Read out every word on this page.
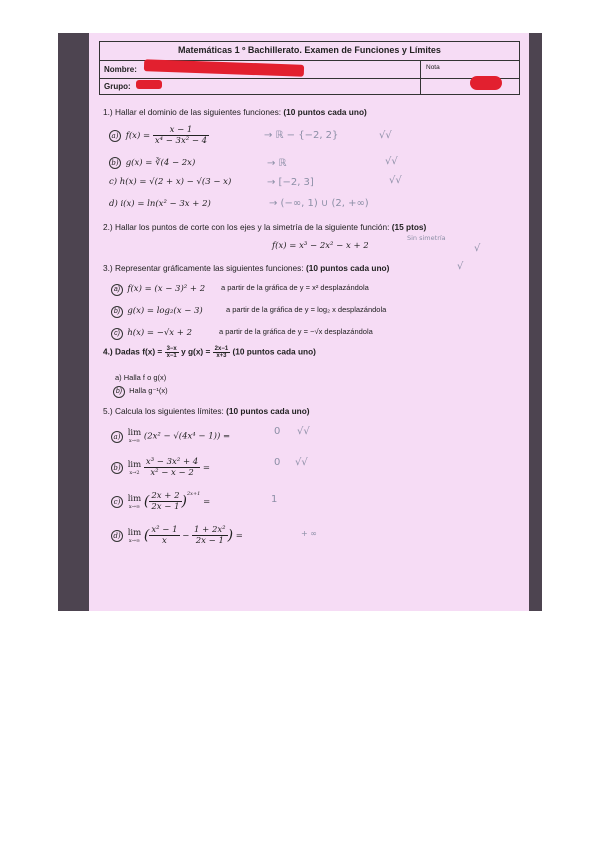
Matemáticas 1 º Bachillerato. Examen de Funciones y Límites
Nombre:
Grupo:
Nota
1.) Hallar el dominio de las siguientes funciones: (10 puntos cada uno)
a) $f(x) = \frac{x - 1}{\text{x⁴ − 3x² − 4}}$	→ ℝ − {−2, 2}	√√
b) g(x) = ∛(4 − 2x)	→ ℝ	√√
c) h(x) = √(2 + x) − √(3 − x)	→ [−2, 3]	√√
d) i(x) = ln(x² − 3x + 2)	→ (−∞, 1) ∪ (2, +∞)
2.) Hallar los puntos de corte con los ejes y la simetría de la siguiente función: (15 ptos)
f(x) = x³ − 2x² − x + 2
Sin simetría
√
3.) Representar gráficamente las siguientes funciones: (10 puntos cada uno)	√
a) f(x) = (x − 3)² + 2 a partir de la gráfica de y = x² desplazándola
b) g(x) = log₂(x − 3)	a partir de la gráfica de y = log₂ x desplazándola
c) h(x) = −√x + 2	a partir de la gráfica de y = −√x desplazándola
4.) Dadas $f(x) = \frac{3-x}{x-1}$ y $g(x) = \frac{2x-1}{x+3} (10$ puntos cada uno)
a) Halla f o g(x)
b) Halla g⁻¹(x)
5.) Calcula los siguientes límites: (10 puntos cada uno)
a) lim
x→∞ (2x² − √(4x⁴ − 1)) =	0 √√
b) lim
x→2
$\frac{\text{x³ − 3x² + 4}}{\text{x² − x − 2}}$ =	0 √√
c) lim
x→∞ ( $\frac{2x + 2}{2x - 1} )^{2x+1}$ =	1
d) lim
x→∞ ( $\frac{\text{x² − 1}}{x} - \frac{\text{1 + 2x²}}{2x - 1}$ ) =	+ ∞
